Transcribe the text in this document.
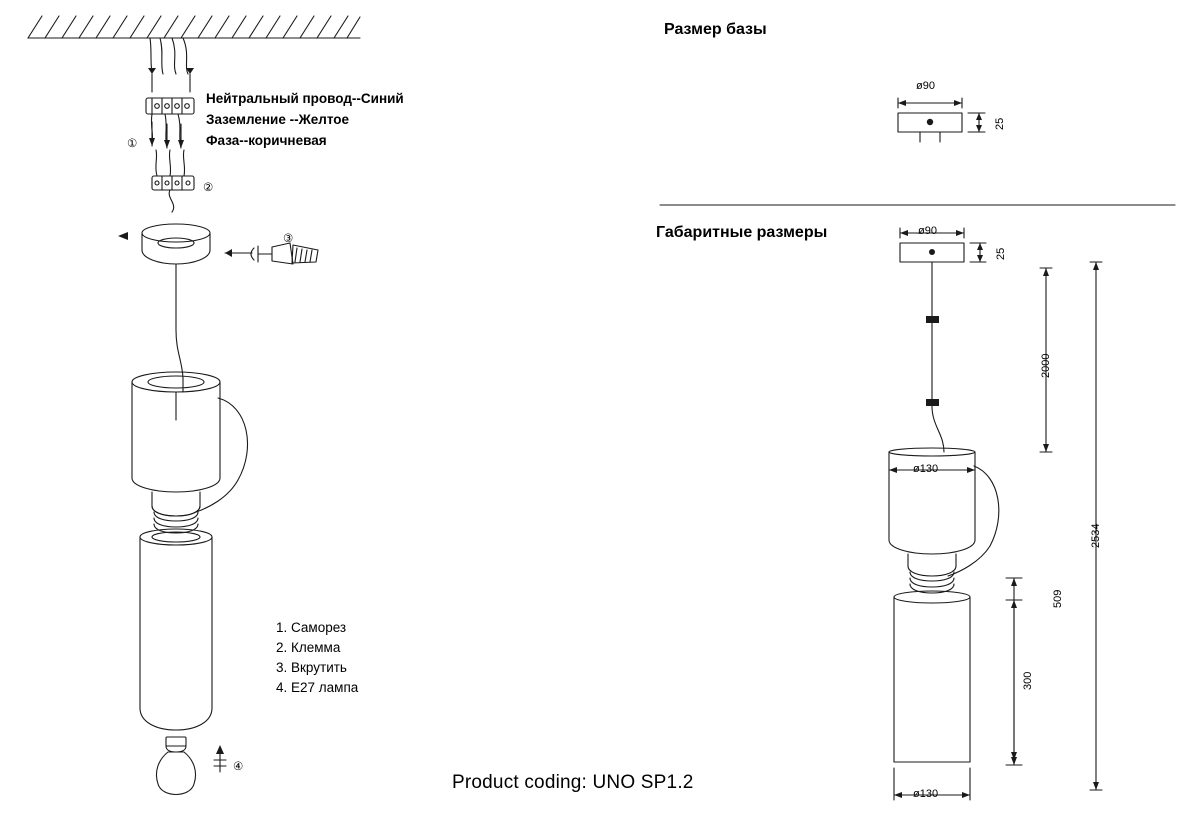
Нейтральный провод--Синий
Заземление --Желтое
Фаза--коричневая
①
②
③
④
1. Саморез
2. Клемма
3. Вкрутить
4. E27 лампа
Размер базы
Габаритные размеры
ø90
25
ø90
25
ø130
ø130
2000
2534
509
300
Product coding: UNO SP1.2
